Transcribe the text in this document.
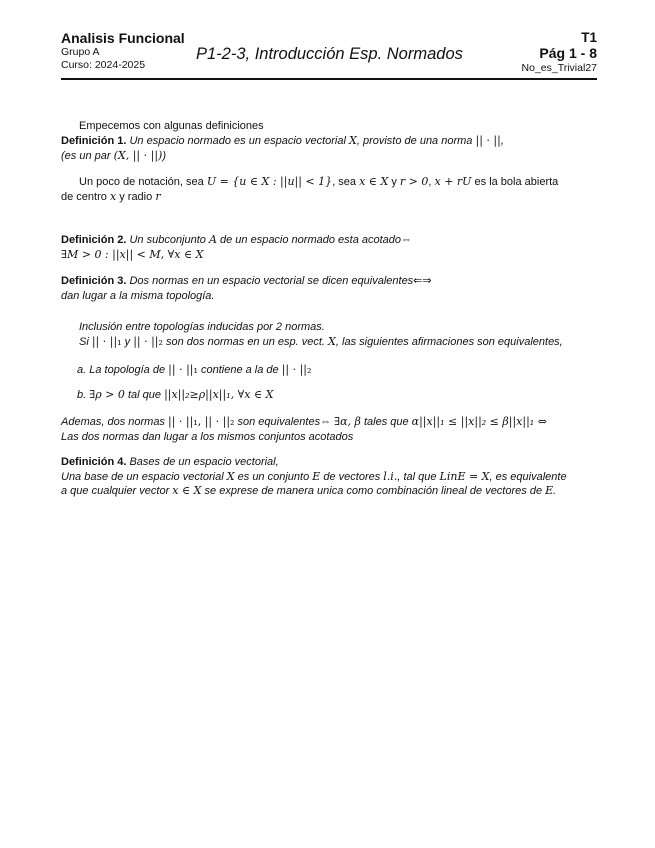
Analisis Funcional
Grupo A
Curso: 2024-2025
P1-2-3, Introducción Esp. Normados
T1
Pág 1 - 8
No_es_Trivial27

Empecemos con algunas definiciones

Definición 1. Un espacio normado es un espacio vectorial X, provisto de una norma || · ||,

(es un par (X, || · ||))

Un poco de notación, sea U = {u ∈ X : ||u|| < 1}, sea x ∈ X y r > 0, x + rU es la bola abierta

de centro x y radio r

Definición 2. Un subconjunto A de un espacio normado esta acotado⇔

∃M > 0 : ||x|| < M, ∀x ∈ X

Definición 3. Dos normas en un espacio vectorial se dicen equivalentes⇐⇒

dan lugar a la misma topología.

Inclusión entre topologías inducidas por 2 normas.

Si || · ||₁ y || · ||₂ son dos normas en un esp. vect. X, las siguientes afirmaciones son equivalentes,

a. La topología de || · ||₁ contiene a la de || · ||₂
b. ∃ρ > 0 tal que ||x||₂≥ρ||x||₁, ∀x ∈ X

Ademas, dos normas || · ||₁, || · ||₂ son equivalentes⇔ ∃α, β tales que α||x||₁ ≤ ||x||₂ ≤ β||x||₁ ⇔

Las dos normas dan lugar a los mismos conjuntos acotados

Definición 4. Bases de un espacio vectorial,

Una base de un espacio vectorial X es un conjunto E de vectores l.i., tal que LinE = X, es equivalente

a que cualquier vector x ∈ X se exprese de manera unica como combinación lineal de vectores de E.
